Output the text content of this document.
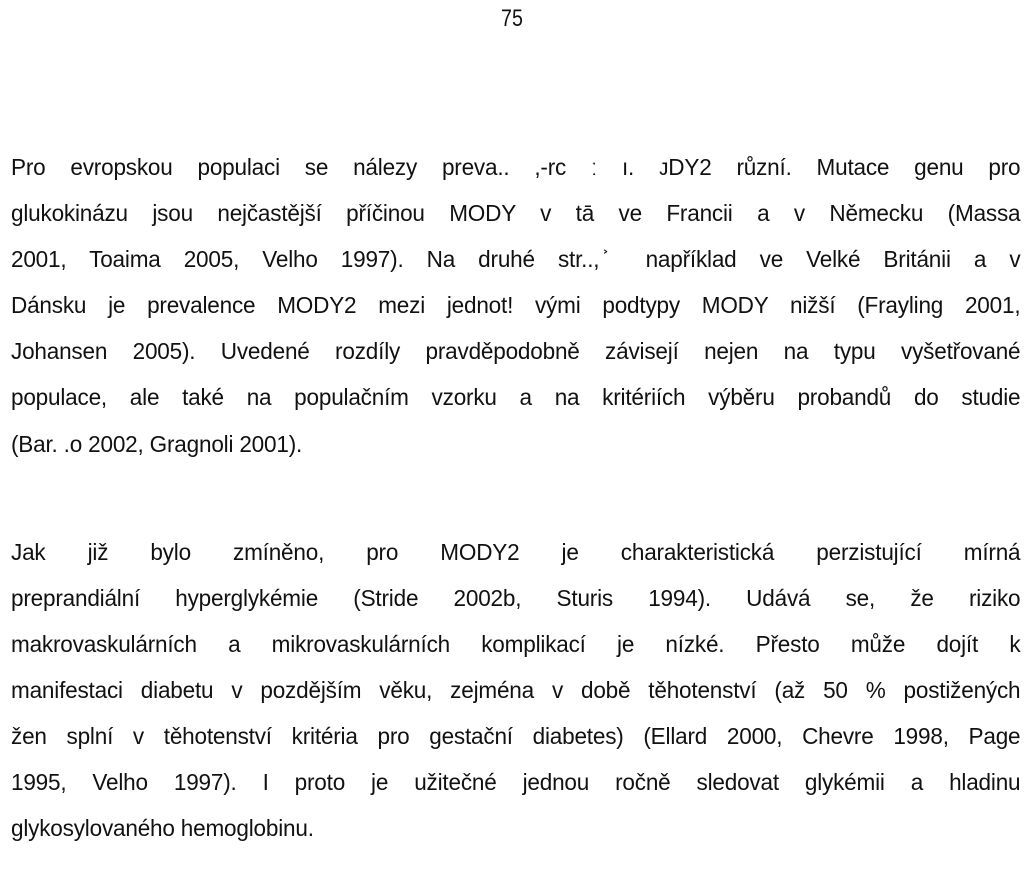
75
Pro evropskou populaci se nálezy preva.. ,-rc ː ı. ᴊDY2 různí. Mutace genu pro
glukokinázu jsou nejčastější příčinou MODY v tā ve Francii a v Německu (Massa
2001, Toaima 2005, Velho 1997). Na druhé str.., ͐ například ve Velké Británii a v
Dánsku je prevalence MODY2 mezi jednot! vými podtypy MODY nižší (Frayling 2001,
Johansen 2005). Uvedené rozdíly pravděpodobně závisejí nejen na typu vyšetřované
populace, ale také na populačním vzorku a na kritériích výběru probandů do studie
(Bar. .o 2002, Gragnoli 2001).
Jak již bylo zmíněno, pro MODY2 je charakteristická perzistující mírná
preprandiální hyperglykémie (Stride 2002b, Sturis 1994). Udává se, že riziko
makrovaskulárních a mikrovaskulárních komplikací je nízké. Přesto může dojít k
manifestaci diabetu v pozdějším věku, zejména v době těhotenství (až 50 % postižených
žen splní v těhotenství kritéria pro gestační diabetes) (Ellard 2000, Chevre 1998, Page
1995, Velho 1997). I proto je užitečné jednou ročně sledovat glykémii a hladinu
glykosylovaného hemoglobinu.
